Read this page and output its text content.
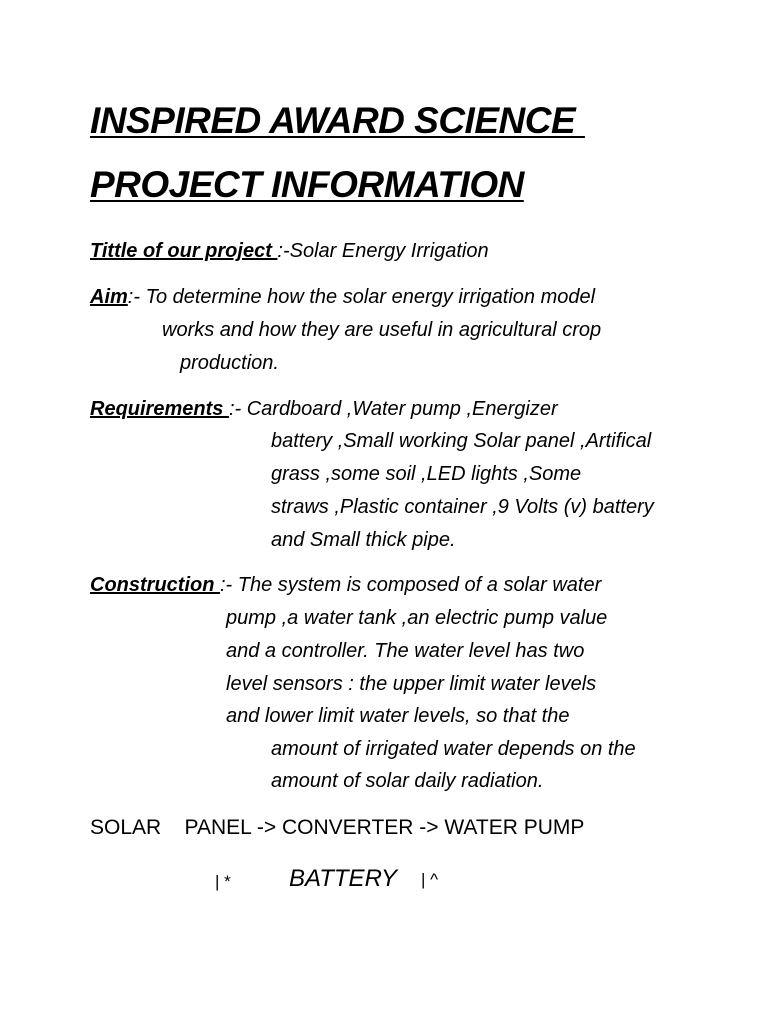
INSPIRED AWARD SCIENCE
PROJECT INFORMATION
Tittle of our project :-Solar Energy Irrigation
Aim:- To determine how the solar energy irrigation model
works and how they are useful in agricultural crop
production.
Requirements :- Cardboard ,Water pump ,Energizer
battery ,Small working Solar panel ,Artifical
grass ,some soil ,LED lights ,Some
straws ,Plastic container ,9 Volts (v) battery
and Small thick pipe.
Construction :- The system is composed of a solar water
pump ,a water tank ,an electric pump value
and a controller. The water level has two
level sensors : the upper limit water levels
and lower limit water levels, so that the
amount of irrigated water depends on the
amount of solar daily radiation.
SOLAR    PANEL -> CONVERTER -> WATER PUMP
| * BATTERY | ^
